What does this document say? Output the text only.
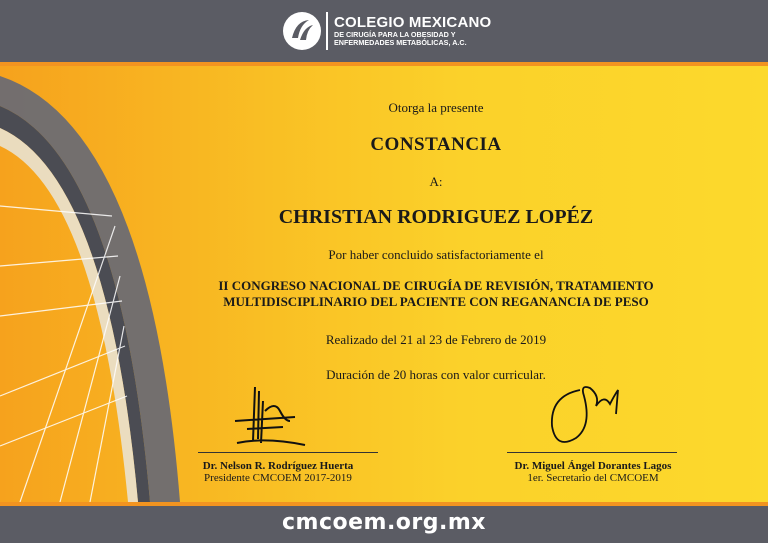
COLEGIO MEXICANO
DE CIRUGÍA PARA LA OBESIDAD Y
ENFERMEDADES METABÓLICAS, A.C.
Otorga la presente
CONSTANCIA
A:
CHRISTIAN RODRIGUEZ LOPÉZ
Por haber concluido satisfactoriamente el
II CONGRESO NACIONAL DE CIRUGÍA DE REVISIÓN, TRATAMIENTO
MULTIDISCIPLINARIO DEL PACIENTE CON REGANANCIA DE PESO
Realizado del 21 al 23 de Febrero de 2019
Duración de 20 horas con valor curricular.
Dr. Nelson R. Rodríguez Huerta
Presidente CMCOEM 2017-2019
Dr. Miguel Ángel Dorantes Lagos
1er. Secretario del CMCOEM
cmcoem.org.mx
